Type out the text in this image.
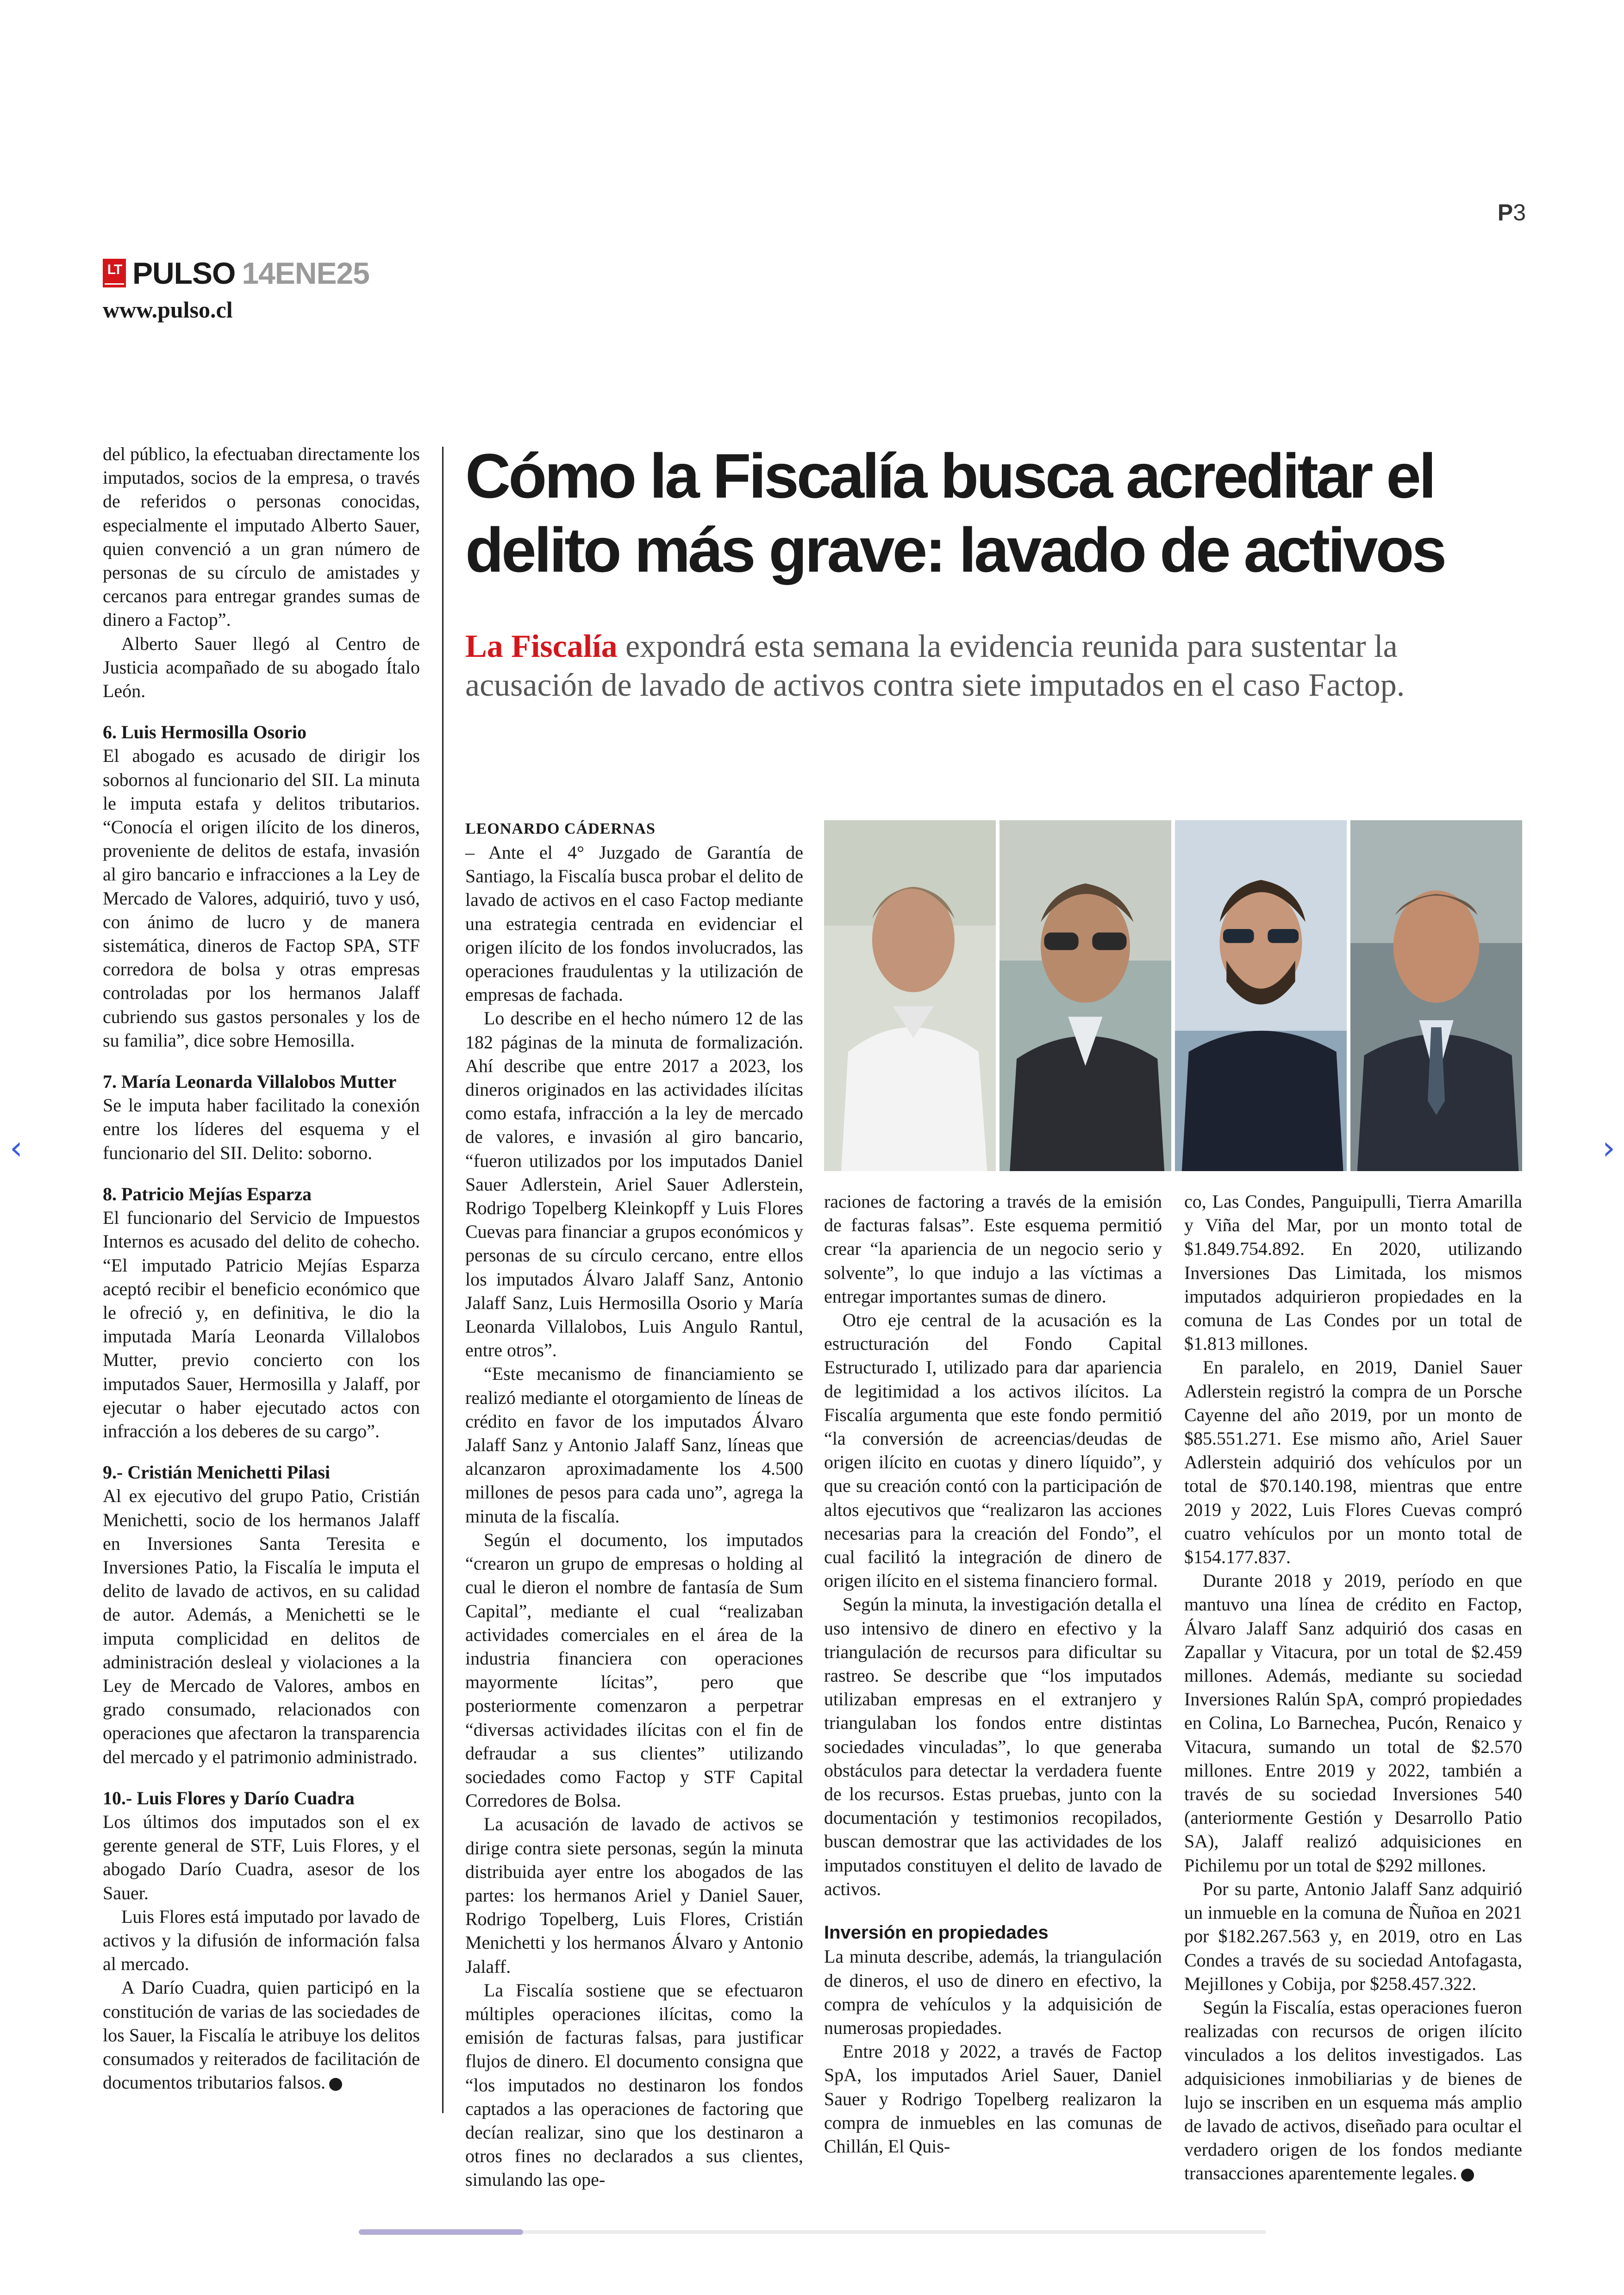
P3
LT PULSO 14ENE25
www.pulso.cl
Cómo la Fiscalía busca acreditar el delito más grave: lavado de activos
La Fiscalía expondrá esta semana la evidencia reunida para sustentar la acusación de lavado de activos contra siete imputados en el caso Factop.

del público, la efectuaban directamente los imputados, socios de la empresa, o través de referidos o personas conocidas, especialmente el imputado Alberto Sauer, quien convenció a un gran número de personas de su círculo de amistades y cercanos para entregar grandes sumas de dinero a Factop”.

Alberto Sauer llegó al Centro de Justicia acompañado de su abogado Ítalo León.

6. Luis Hermosilla Osorio

El abogado es acusado de dirigir los sobornos al funcionario del SII. La minuta le imputa estafa y delitos tributarios. “Conocía el origen ilícito de los dineros, proveniente de delitos de estafa, invasión al giro bancario e infracciones a la Ley de Mercado de Valores, adquirió, tuvo y usó, con ánimo de lucro y de manera sistemática, dineros de Factop SPA, STF corredora de bolsa y otras empresas controladas por los hermanos Jalaff cubriendo sus gastos personales y los de su familia”, dice sobre Hemosilla.

7. María Leonarda Villalobos Mutter

Se le imputa haber facilitado la conexión entre los líderes del esquema y el funcionario del SII. Delito: soborno.

8. Patricio Mejías Esparza

El funcionario del Servicio de Impuestos Internos es acusado del delito de cohecho. “El imputado Patricio Mejías Esparza aceptó recibir el beneficio económico que le ofreció y, en definitiva, le dio la imputada María Leonarda Villalobos Mutter, previo concierto con los imputados Sauer, Hermosilla y Jalaff, por ejecutar o haber ejecutado actos con infracción a los deberes de su cargo”.

9.- Cristián Menichetti Pilasi

Al ex ejecutivo del grupo Patio, Cristián Menichetti, socio de los hermanos Jalaff en Inversiones Santa Teresita e Inversiones Patio, la Fiscalía le imputa el delito de lavado de activos, en su calidad de autor. Además, a Menichetti se le imputa complicidad en delitos de administración desleal y violaciones a la Ley de Mercado de Valores, ambos en grado consumado, relacionados con operaciones que afectaron la transparencia del mercado y el patrimonio administrado.

10.- Luis Flores y Darío Cuadra

Los últimos dos imputados son el ex gerente general de STF, Luis Flores, y el abogado Darío Cuadra, asesor de los Sauer.

Luis Flores está imputado por lavado de activos y la difusión de información falsa al mercado.

A Darío Cuadra, quien participó en la constitución de varias de las sociedades de los Sauer, la Fiscalía le atribuye los delitos consumados y reiterados de facilitación de documentos tributarios falsos. P

LEONARDO CÁDERNAS

– Ante el 4° Juzgado de Garantía de Santiago, la Fiscalía busca probar el delito de lavado de activos en el caso Factop mediante una estrategia centrada en evidenciar el origen ilícito de los fondos involucrados, las operaciones fraudulentas y la utilización de empresas de fachada.

Lo describe en el hecho número 12 de las 182 páginas de la minuta de formalización. Ahí describe que entre 2017 a 2023, los dineros originados en las actividades ilícitas como estafa, infracción a la ley de mercado de valores, e invasión al giro bancario, “fueron utilizados por los imputados Daniel Sauer Adlerstein, Ariel Sauer Adlerstein, Rodrigo Topelberg Kleinkopff y Luis Flores Cuevas para financiar a grupos económicos y personas de su círculo cercano, entre ellos los imputados Álvaro Jalaff Sanz, Antonio Jalaff Sanz, Luis Hermosilla Osorio y María Leonarda Villalobos, Luis Angulo Rantul, entre otros”.

“Este mecanismo de financiamiento se realizó mediante el otorgamiento de líneas de crédito en favor de los imputados Álvaro Jalaff Sanz y Antonio Jalaff Sanz, líneas que alcanzaron aproximadamente los 4.500 millones de pesos para cada uno”, agrega la minuta de la fiscalía.

Según el documento, los imputados “crearon un grupo de empresas o holding al cual le dieron el nombre de fantasía de Sum Capital”, mediante el cual “realizaban actividades comerciales en el área de la industria financiera con operaciones mayormente lícitas”, pero que posteriormente comenzaron a perpetrar “diversas actividades ilícitas con el fin de defraudar a sus clientes” utilizando sociedades como Factop y STF Capital Corredores de Bolsa.

La acusación de lavado de activos se dirige contra siete personas, según la minuta distribuida ayer entre los abogados de las partes: los hermanos Ariel y Daniel Sauer, Rodrigo Topelberg, Luis Flores, Cristián Menichetti y los hermanos Álvaro y Antonio Jalaff.

La Fiscalía sostiene que se efectuaron múltiples operaciones ilícitas, como la emisión de facturas falsas, para justificar flujos de dinero. El documento consigna que “los imputados no destinaron los fondos captados a las operaciones de factoring que decían realizar, sino que los destinaron a otros fines no declarados a sus clientes, simulando las ope-

raciones de factoring a través de la emisión de facturas falsas”. Este esquema permitió crear “la apariencia de un negocio serio y solvente”, lo que indujo a las víctimas a entregar importantes sumas de dinero.

Otro eje central de la acusación es la estructuración del Fondo Capital Estructurado I, utilizado para dar apariencia de legitimidad a los activos ilícitos. La Fiscalía argumenta que este fondo permitió “la conversión de acreencias/deudas de origen ilícito en cuotas y dinero líquido”, y que su creación contó con la participación de altos ejecutivos que “realizaron las acciones necesarias para la creación del Fondo”, el cual facilitó la integración de dinero de origen ilícito en el sistema financiero formal.

Según la minuta, la investigación detalla el uso intensivo de dinero en efectivo y la triangulación de recursos para dificultar su rastreo. Se describe que “los imputados utilizaban empresas en el extranjero y triangulaban los fondos entre distintas sociedades vinculadas”, lo que generaba obstáculos para detectar la verdadera fuente de los recursos. Estas pruebas, junto con la documentación y testimonios recopilados, buscan demostrar que las actividades de los imputados constituyen el delito de lavado de activos.

Inversión en propiedades

La minuta describe, además, la triangulación de dineros, el uso de dinero en efectivo, la compra de vehículos y la adquisición de numerosas propiedades.

Entre 2018 y 2022, a través de Factop SpA, los imputados Ariel Sauer, Daniel Sauer y Rodrigo Topelberg realizaron la compra de inmuebles en las comunas de Chillán, El Quis-

co, Las Condes, Panguipulli, Tierra Amarilla y Viña del Mar, por un monto total de $1.849.754.892. En 2020, utilizando Inversiones Das Limitada, los mismos imputados adquirieron propiedades en la comuna de Las Condes por un total de $1.813 millones.

En paralelo, en 2019, Daniel Sauer Adlerstein registró la compra de un Porsche Cayenne del año 2019, por un monto de $85.551.271. Ese mismo año, Ariel Sauer Adlerstein adquirió dos vehículos por un total de $70.140.198, mientras que entre 2019 y 2022, Luis Flores Cuevas compró cuatro vehículos por un monto total de $154.177.837.

Durante 2018 y 2019, período en que mantuvo una línea de crédito en Factop, Álvaro Jalaff Sanz adquirió dos casas en Zapallar y Vitacura, por un total de $2.459 millones. Además, mediante su sociedad Inversiones Ralún SpA, compró propiedades en Colina, Lo Barnechea, Pucón, Renaico y Vitacura, sumando un total de $2.570 millones. Entre 2019 y 2022, también a través de su sociedad Inversiones 540 (anteriormente Gestión y Desarrollo Patio SA), Jalaff realizó adquisiciones en Pichilemu por un total de $292 millones.

Por su parte, Antonio Jalaff Sanz adquirió un inmueble en la comuna de Ñuñoa en 2021 por $182.267.563 y, en 2019, otro en Las Condes a través de su sociedad Antofagasta, Mejillones y Cobija, por $258.457.322.

Según la Fiscalía, estas operaciones fueron realizadas con recursos de origen ilícito vinculados a los delitos investigados. Las adquisiciones inmobiliarias y de bienes de lujo se inscriben en un esquema más amplio de lavado de activos, diseñado para ocultar el verdadero origen de los fondos mediante transacciones aparentemente legales. P

‹	›
